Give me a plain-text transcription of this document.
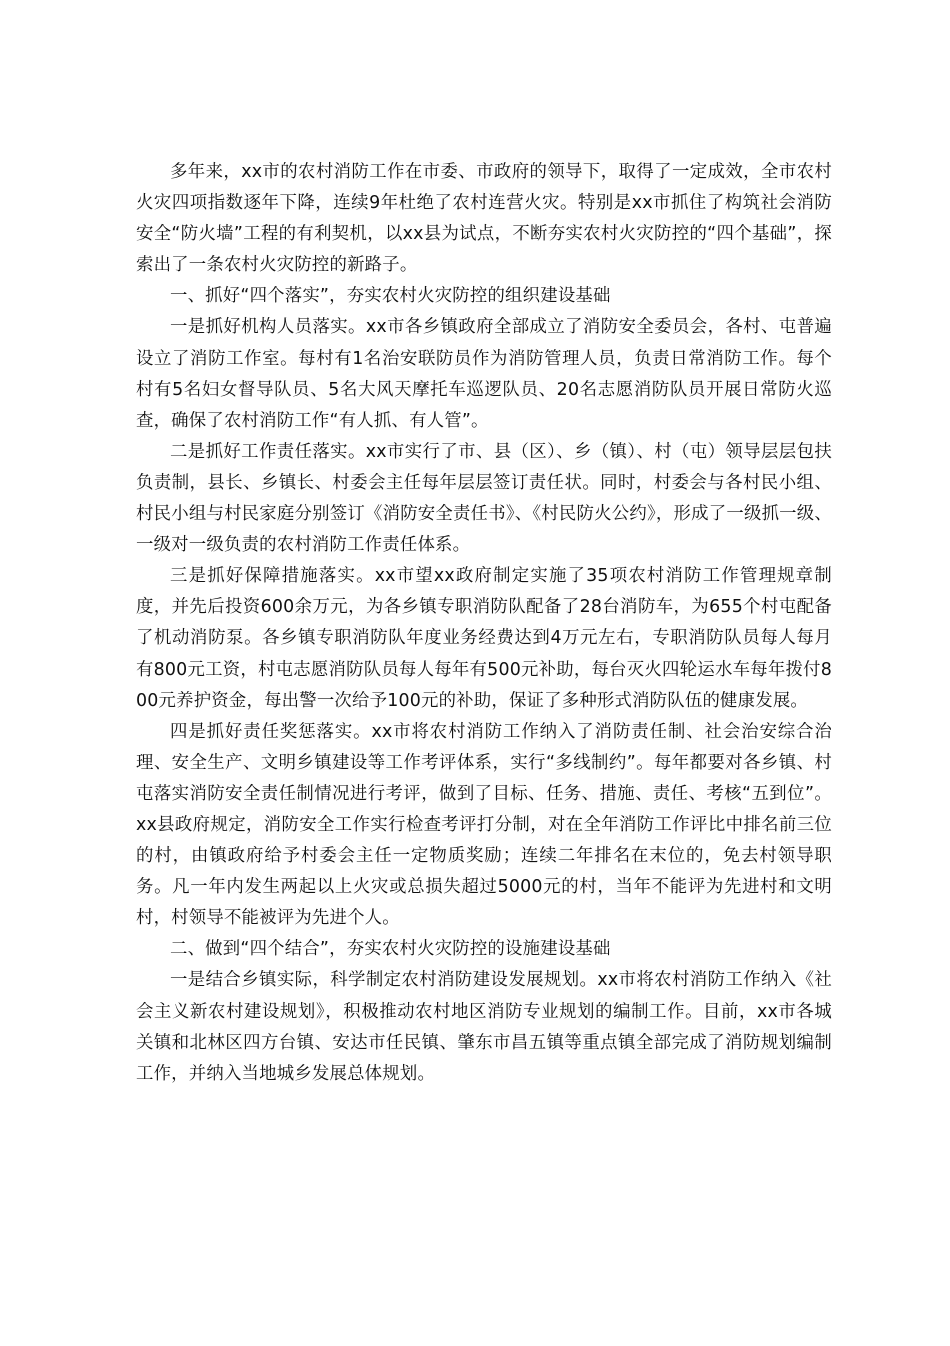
多年来，xx市的农村消防工作在市委、市政府的领导下，取得了一定成效，全市农村火灾四项指数逐年下降，连续9年杜绝了农村连营火灾。特别是xx市抓住了构筑社会消防安全“防火墙”工程的有利契机，以xx县为试点，不断夯实农村火灾防控的“四个基础”，探索出了一条农村火灾防控的新路子。

一、抓好“四个落实”，夯实农村火灾防控的组织建设基础

一是抓好机构人员落实。xx市各乡镇政府全部成立了消防安全委员会，各村、屯普遍设立了消防工作室。每村有1名治安联防员作为消防管理人员，负责日常消防工作。每个村有5名妇女督导队员、5名大风天摩托车巡逻队员、20名志愿消防队员开展日常防火巡查，确保了农村消防工作“有人抓、有人管”。

二是抓好工作责任落实。xx市实行了市、县（区）、乡（镇）、村（屯）领导层层包扶负责制，县长、乡镇长、村委会主任每年层层签订责任状。同时，村委会与各村民小组、村民小组与村民家庭分别签订《消防安全责任书》、《村民防火公约》，形成了一级抓一级、一级对一级负责的农村消防工作责任体系。

三是抓好保障措施落实。xx市望xx政府制定实施了35项农村消防工作管理规章制度，并先后投资600余万元，为各乡镇专职消防队配备了28台消防车，为655个村屯配备了机动消防泵。各乡镇专职消防队年度业务经费达到4万元左右，专职消防队员每人每月有800元工资，村屯志愿消防队员每人每年有500元补助，每台灭火四轮运水车每年拨付800元养护资金，每出警一次给予100元的补助，保证了多种形式消防队伍的健康发展。

四是抓好责任奖惩落实。xx市将农村消防工作纳入了消防责任制、社会治安综合治理、安全生产、文明乡镇建设等工作考评体系，实行“多线制约”。每年都要对各乡镇、村屯落实消防安全责任制情况进行考评，做到了目标、任务、措施、责任、考核“五到位”。xx县政府规定，消防安全工作实行检查考评打分制，对在全年消防工作评比中排名前三位的村，由镇政府给予村委会主任一定物质奖励；连续二年排名在末位的，免去村领导职务。凡一年内发生两起以上火灾或总损失超过5000元的村，当年不能评为先进村和文明村，村领导不能被评为先进个人。

二、做到“四个结合”，夯实农村火灾防控的设施建设基础

一是结合乡镇实际，科学制定农村消防建设发展规划。xx市将农村消防工作纳入《社会主义新农村建设规划》，积极推动农村地区消防专业规划的编制工作。目前，xx市各城关镇和北林区四方台镇、安达市任民镇、肇东市昌五镇等重点镇全部完成了消防规划编制工作，并纳入当地城乡发展总体规划。
